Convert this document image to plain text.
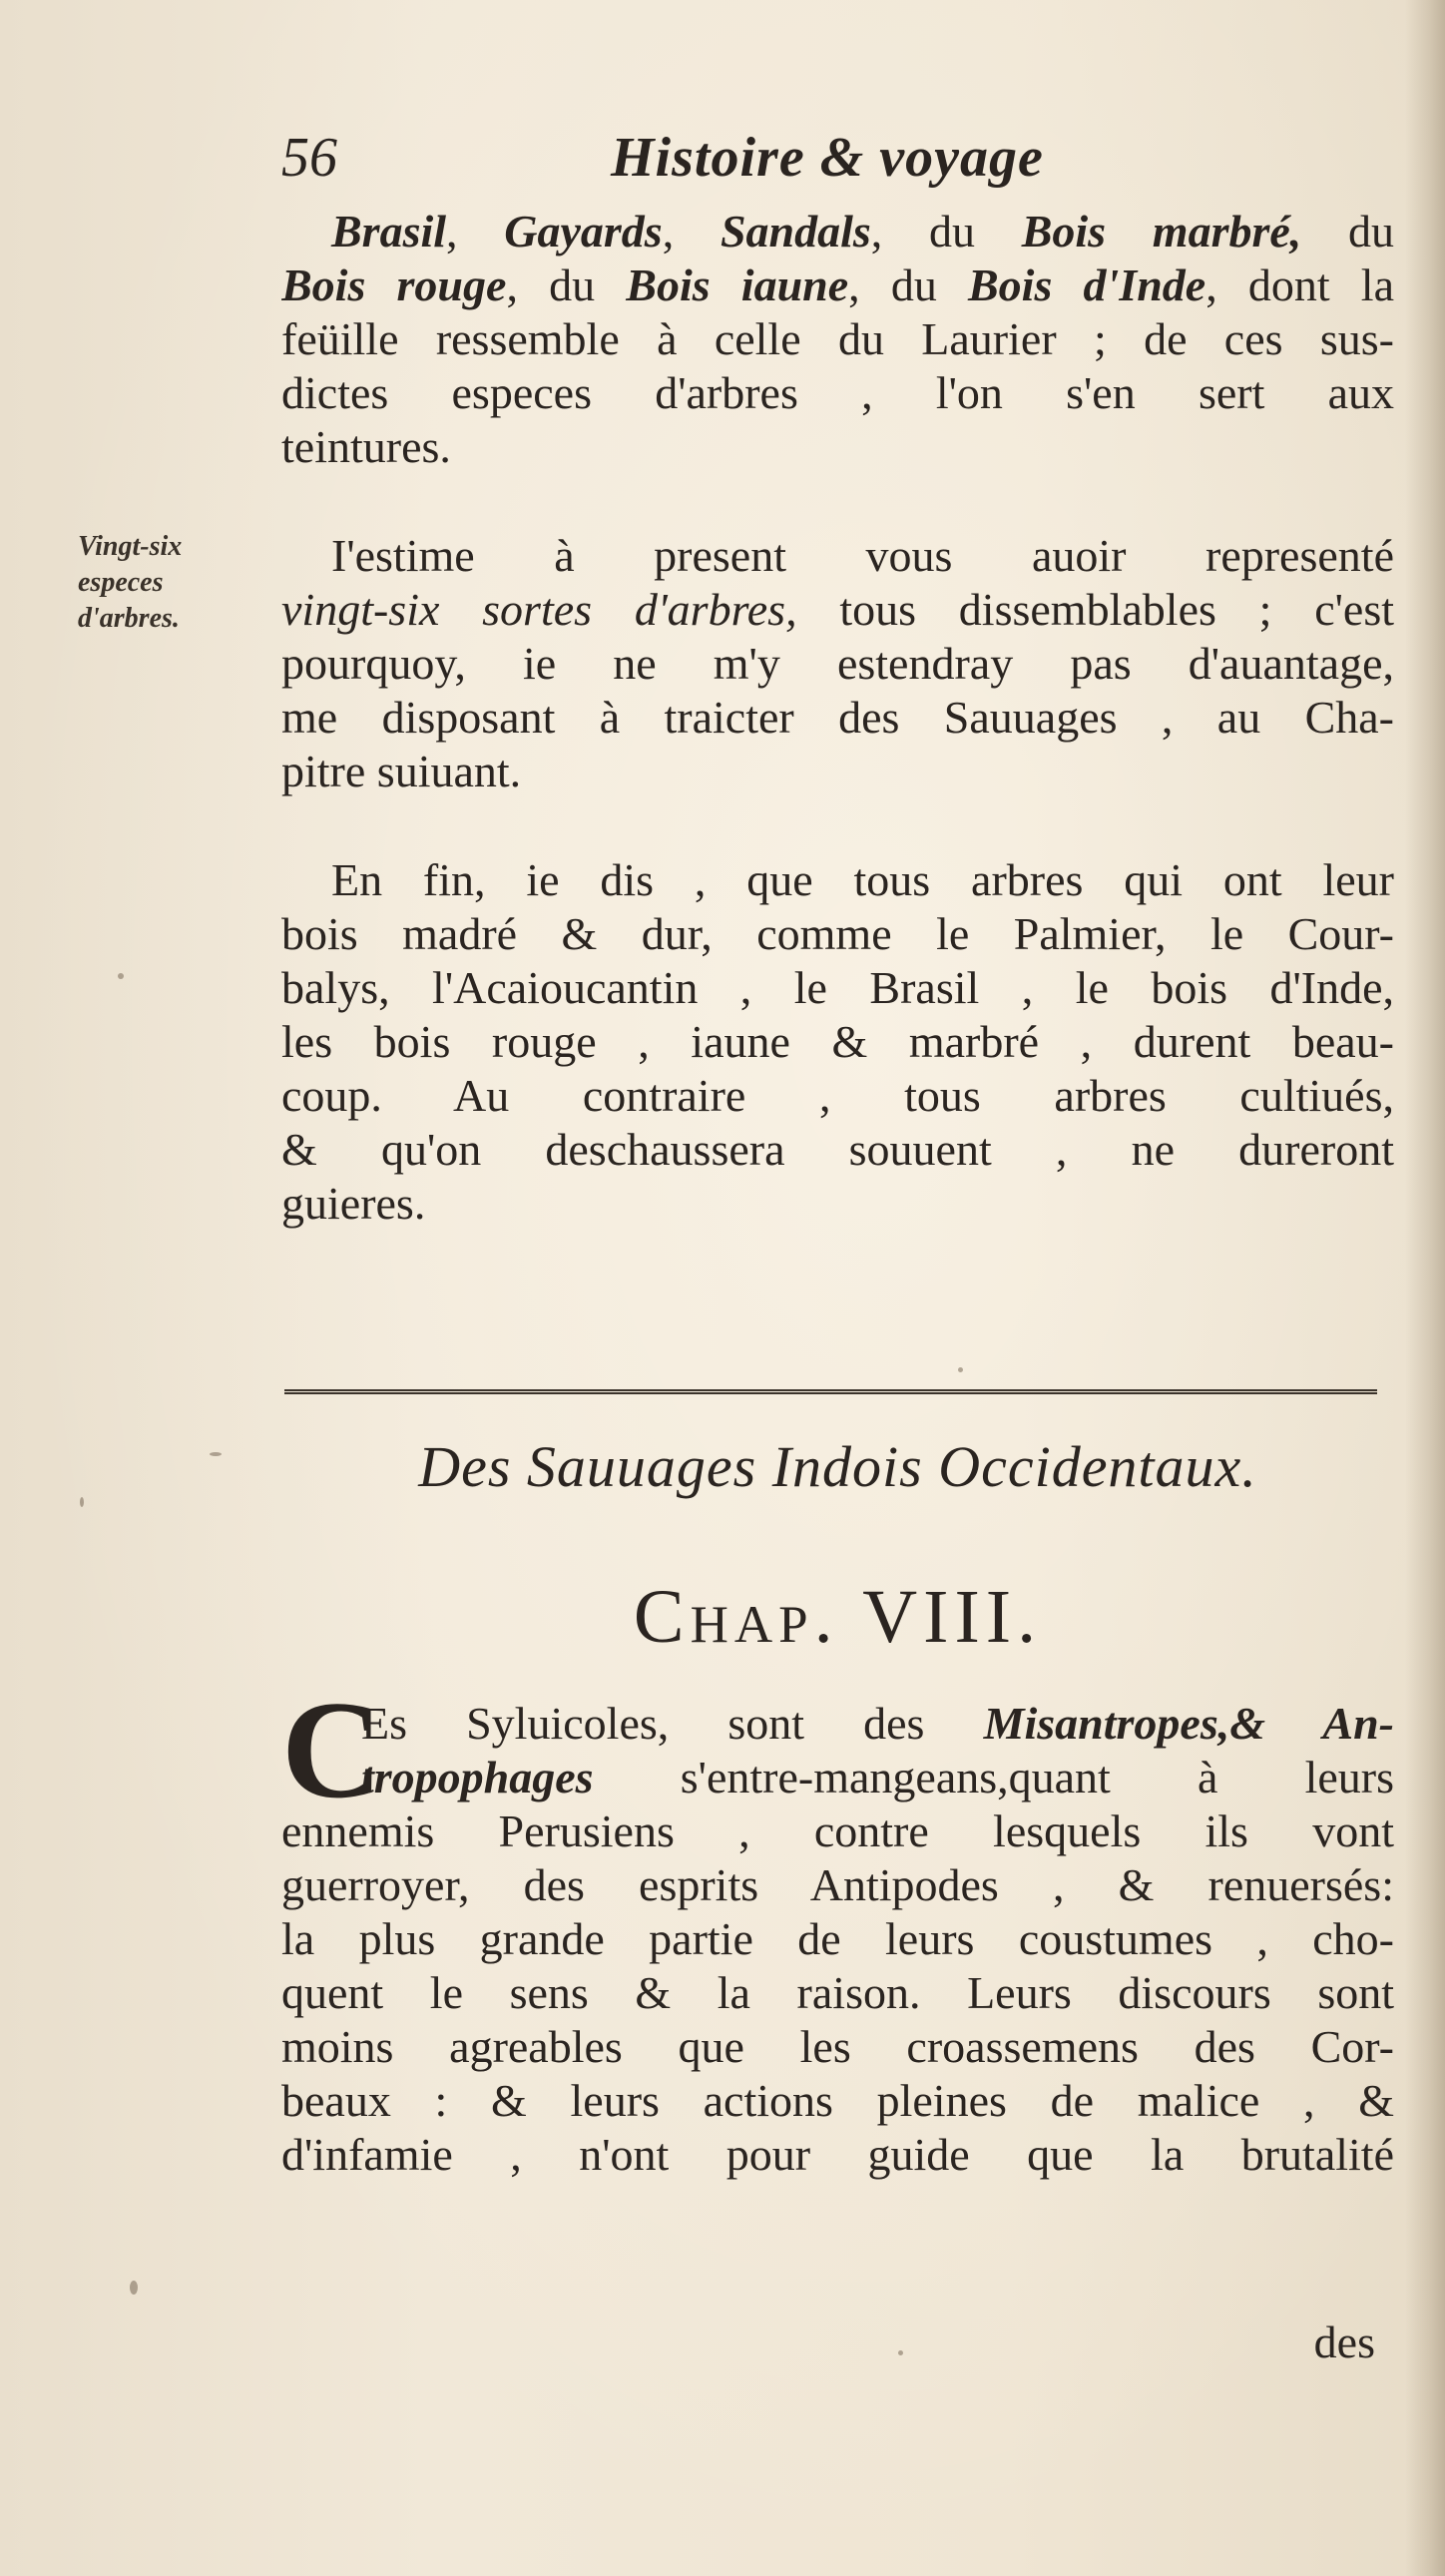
56	Histoire & voyage
Brasil, Gayards, Sandals, du Bois marbré, du
Bois rouge, du Bois iaune, du Bois d'Inde, dont la
feüille ressemble à celle du Laurier ; de ces sus-
dictes especes d'arbres , l'on s'en sert aux
teintures.
Vingt-six
especes
d'arbres.
I'estime à present vous auoir representé
vingt-six sortes d'arbres, tous dissemblables ; c'est
pourquoy, ie ne m'y estendray pas d'auantage,
me disposant à traicter des Sauuages , au Cha-
pitre suiuant.
En fin, ie dis , que tous arbres qui ont leur
bois madré & dur, comme le Palmier, le Cour-
balys, l'Acaioucantin , le Brasil , le bois d'Inde,
les bois rouge , iaune & marbré , durent beau-
coup. Au contraire , tous arbres cultiués,
& qu'on deschaussera souuent , ne dureront
guieres.
Des Sauuages Indois Occidentaux.
Chap. VIII.
C
Es Syluicoles, sont des Misantropes,& An-
tropophages s'entre-mangeans,quant à leurs
ennemis Perusiens , contre lesquels ils vont
guerroyer, des esprits Antipodes , & renuersés:
la plus grande partie de leurs coustumes , cho-
quent le sens & la raison. Leurs discours sont
moins agreables que les croassemens des Cor-
beaux : & leurs actions pleines de malice , &
d'infamie , n'ont pour guide que la brutalité
des
